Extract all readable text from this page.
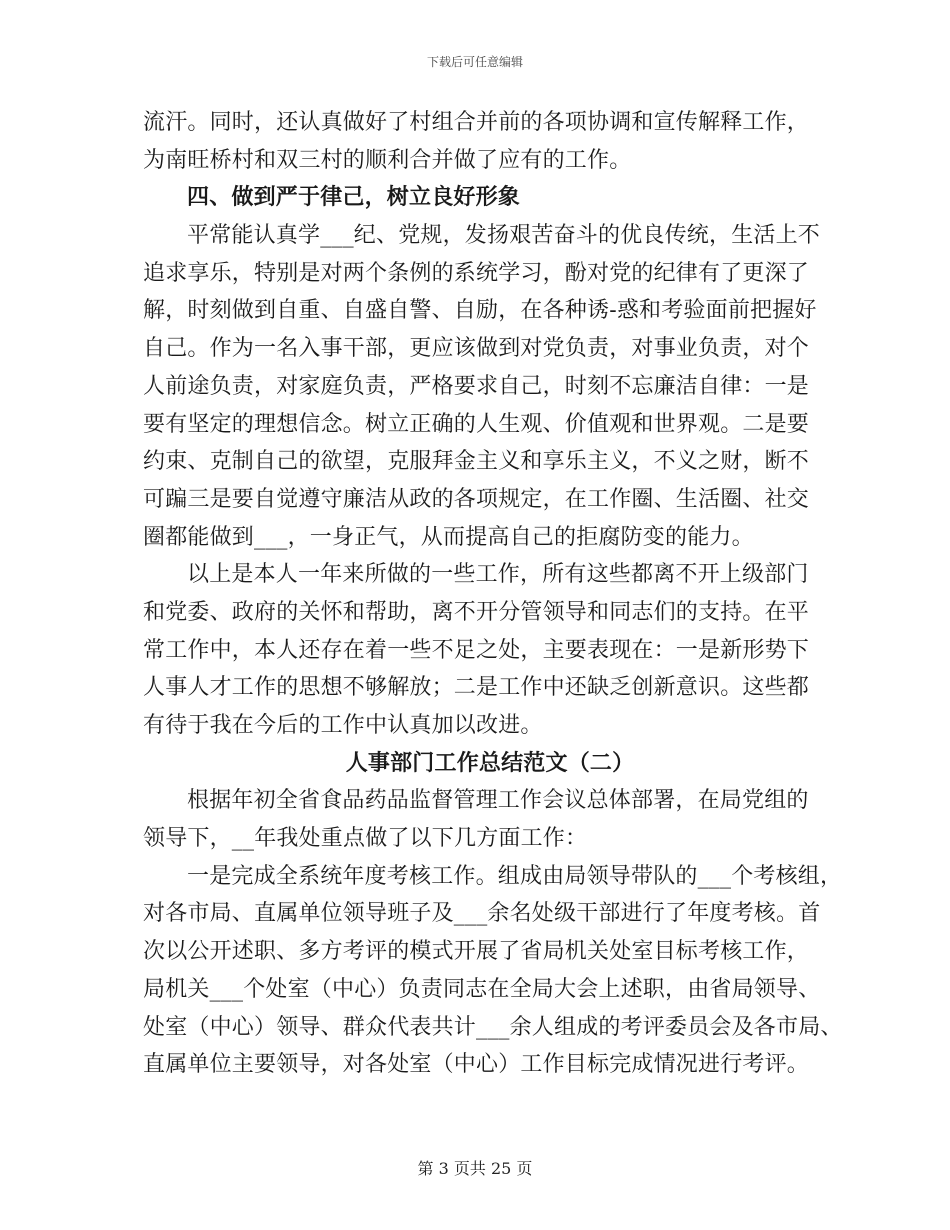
下载后可任意编辑
流汗。同时，还认真做好了村组合并前的各项协调和宣传解释工作，
为南旺桥村和双三村的顺利合并做了应有的工作。
四、做到严于律己，树立良好形象
平常能认真学___纪、党规，发扬艰苦奋斗的优良传统，生活上不
追求享乐，特别是对两个条例的系统学习，酚对党的纪律有了更深了
解，时刻做到自重、自盛自警、自励，在各种诱-惑和考验面前把握好
自己。作为一名入事干部，更应该做到对党负责，对事业负责，对个
人前途负责，对家庭负责，严格要求自己，时刻不忘廉洁自律：一是
要有坚定的理想信念。树立正确的人生观、价值观和世界观。二是要
约束、克制自己的欲望，克服拜金主义和享乐主义，不义之财，断不
可蹁三是要自觉遵守廉洁从政的各项规定，在工作圈、生活圈、社交
圈都能做到___，一身正气，从而提高自己的拒腐防变的能力。
以上是本人一年来所做的一些工作，所有这些都离不开上级部门
和党委、政府的关怀和帮助，离不开分管领导和同志们的支持。在平
常工作中，本人还存在着一些不足之处，主要表现在：一是新形势下
人事人才工作的思想不够解放；二是工作中还缺乏创新意识。这些都
有待于我在今后的工作中认真加以改进。
人事部门工作总结范文（二）
根据年初全省食品药品监督管理工作会议总体部署，在局党组的
领导下，__年我处重点做了以下几方面工作：
一是完成全系统年度考核工作。组成由局领导带队的___个考核组，
对各市局、直属单位领导班子及___余名处级干部进行了年度考核。首
次以公开述职、多方考评的模式开展了省局机关处室目标考核工作，
局机关___个处室（中心）负责同志在全局大会上述职，由省局领导、
处室（中心）领导、群众代表共计___余人组成的考评委员会及各市局、
直属单位主要领导，对各处室（中心）工作目标完成情况进行考评。
第 3 页共 25 页
